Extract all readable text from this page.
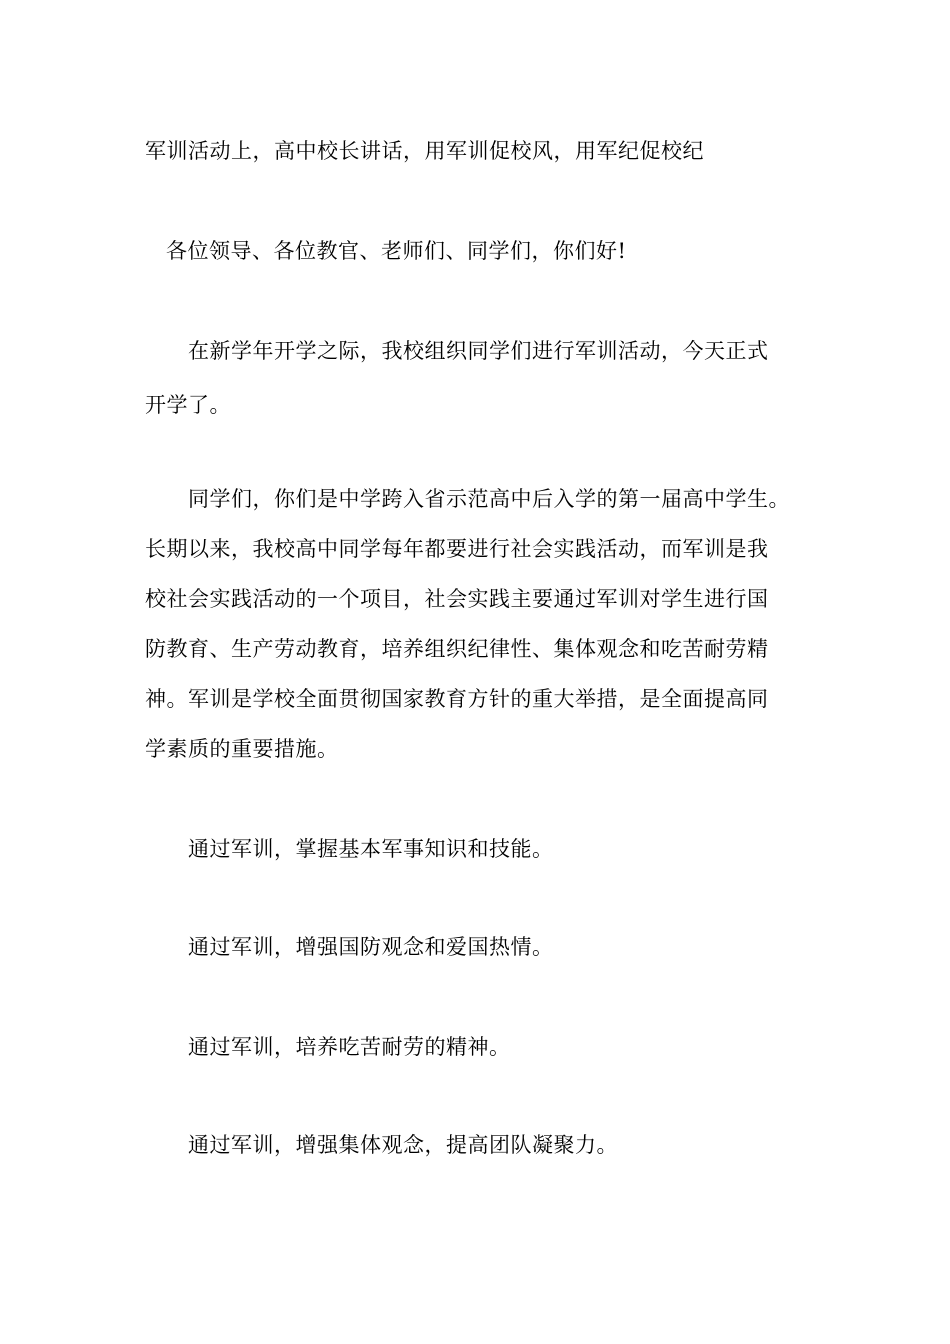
军训活动上，高中校长讲话，用军训促校风，用军纪促校纪
各位领导、各位教官、老师们、同学们，你们好!
在新学年开学之际，我校组织同学们进行军训活动，今天正式
开学了。
同学们，你们是中学跨入省示范高中后入学的第一届高中学生。
长期以来，我校高中同学每年都要进行社会实践活动，而军训是我
校社会实践活动的一个项目，社会实践主要通过军训对学生进行国
防教育、生产劳动教育，培养组织纪律性、集体观念和吃苦耐劳精
神。军训是学校全面贯彻国家教育方针的重大举措，是全面提高同
学素质的重要措施。
通过军训，掌握基本军事知识和技能。
通过军训，增强国防观念和爱国热情。
通过军训，培养吃苦耐劳的精神。
通过军训，增强集体观念，提高团队凝聚力。
